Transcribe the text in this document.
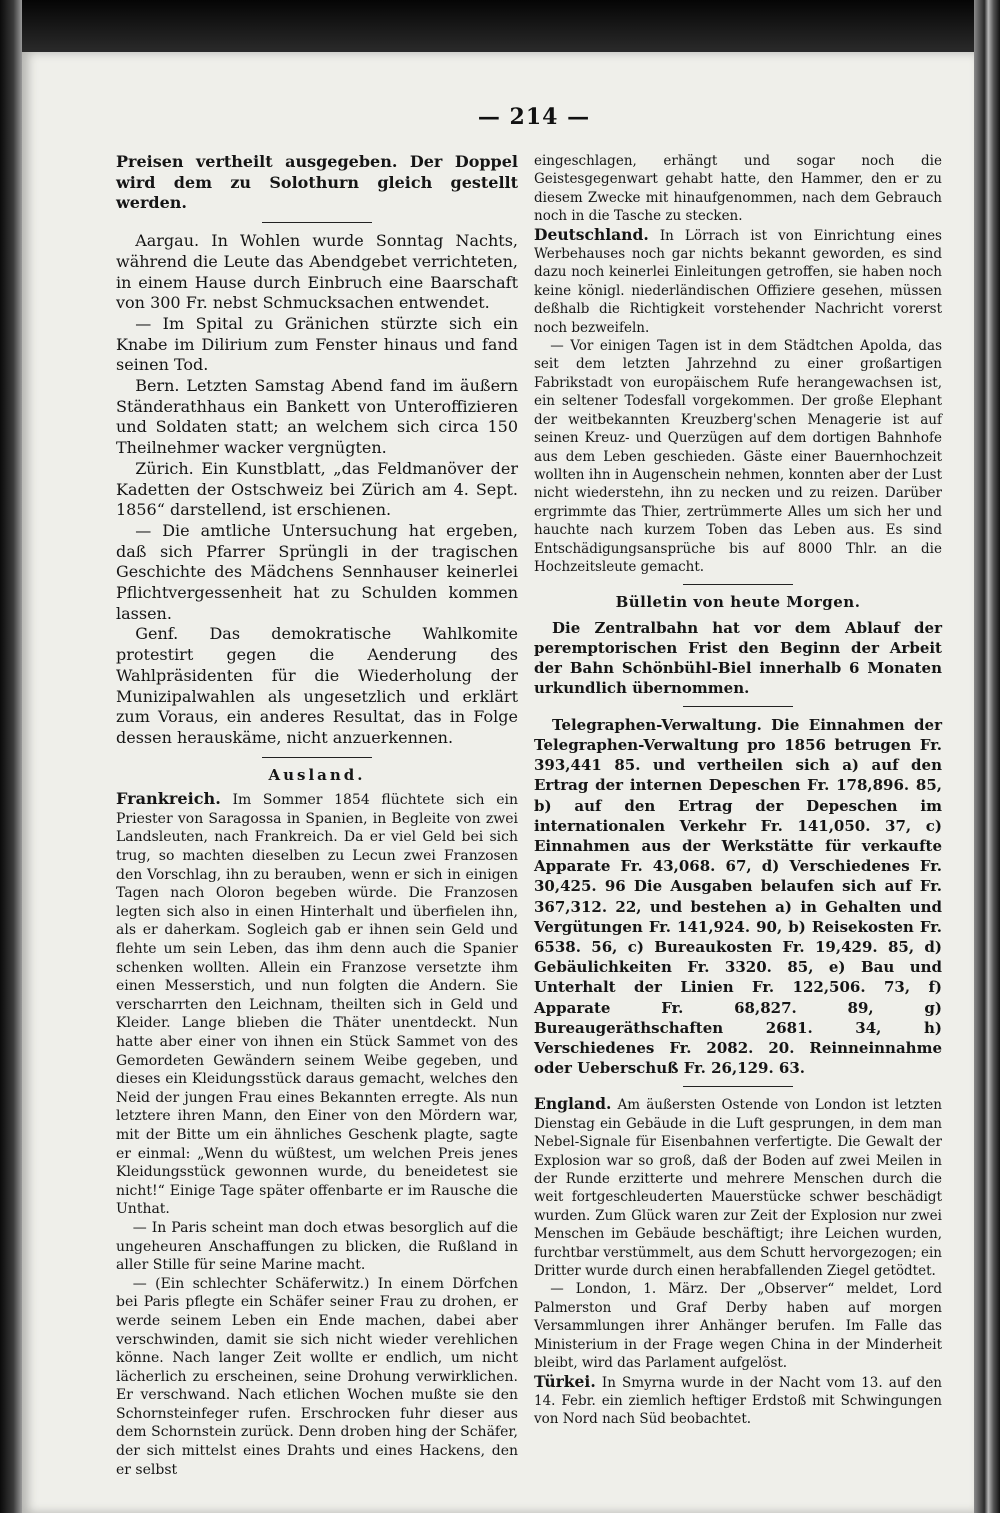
— 214 —

Preisen vertheilt ausgegeben. Der Doppel wird dem zu Solothurn gleich gestellt werden.

Aargau. In Wohlen wurde Sonntag Nachts, während die Leute das Abendgebet verrichteten, in einem Hause durch Einbruch eine Baarschaft von 300 Fr. nebst Schmucksachen entwendet.

— Im Spital zu Gränichen stürzte sich ein Knabe im Dilirium zum Fenster hinaus und fand seinen Tod.

Bern. Letzten Samstag Abend fand im äußern Ständerathhaus ein Bankett von Unteroffizieren und Soldaten statt; an welchem sich circa 150 Theilnehmer wacker vergnügten.

Zürich. Ein Kunstblatt, „das Feldmanöver der Kadetten der Ostschweiz bei Zürich am 4. Sept. 1856“ darstellend, ist erschienen.

— Die amtliche Untersuchung hat ergeben, daß sich Pfarrer Sprüngli in der tragischen Geschichte des Mädchens Sennhauser keinerlei Pflichtvergessenheit hat zu Schulden kommen lassen.

Genf. Das demokratische Wahlkomite protestirt gegen die Aenderung des Wahlpräsidenten für die Wiederholung der Munizipalwahlen als ungesetzlich und erklärt zum Voraus, ein anderes Resultat, das in Folge dessen herauskäme, nicht anzuerkennen.

Ausland.

Frankreich. Im Sommer 1854 flüchtete sich ein Priester von Saragossa in Spanien, in Begleite von zwei Landsleuten, nach Frankreich. Da er viel Geld bei sich trug, so machten dieselben zu Lecun zwei Franzosen den Vorschlag, ihn zu berauben, wenn er sich in einigen Tagen nach Oloron begeben würde. Die Franzosen legten sich also in einen Hinterhalt und überfielen ihn, als er daherkam. Sogleich gab er ihnen sein Geld und flehte um sein Leben, das ihm denn auch die Spanier schenken wollten. Allein ein Franzose versetzte ihm einen Messerstich, und nun folgten die Andern. Sie verscharrten den Leichnam, theilten sich in Geld und Kleider. Lange blieben die Thäter unentdeckt. Nun hatte aber einer von ihnen ein Stück Sammet von des Gemordeten Gewändern seinem Weibe gegeben, und dieses ein Kleidungsstück daraus gemacht, welches den Neid der jungen Frau eines Bekannten erregte. Als nun letztere ihren Mann, den Einer von den Mördern war, mit der Bitte um ein ähnliches Geschenk plagte, sagte er einmal: „Wenn du wüßtest, um welchen Preis jenes Kleidungsstück gewonnen wurde, du beneidetest sie nicht!“ Einige Tage später offenbarte er im Rausche die Unthat.

— In Paris scheint man doch etwas besorglich auf die ungeheuren Anschaffungen zu blicken, die Rußland in aller Stille für seine Marine macht.

— (Ein schlechter Schäferwitz.) In einem Dörfchen bei Paris pflegte ein Schäfer seiner Frau zu drohen, er werde seinem Leben ein Ende machen, dabei aber verschwinden, damit sie sich nicht wieder verehlichen könne. Nach langer Zeit wollte er endlich, um nicht lächerlich zu erscheinen, seine Drohung verwirklichen. Er verschwand. Nach etlichen Wochen mußte sie den Schornsteinfeger rufen. Erschrocken fuhr dieser aus dem Schornstein zurück. Denn droben hing der Schäfer, der sich mittelst eines Drahts und eines Hackens, den er selbst

eingeschlagen, erhängt und sogar noch die Geistesgegenwart gehabt hatte, den Hammer, den er zu diesem Zwecke mit hinaufgenommen, nach dem Gebrauch noch in die Tasche zu stecken.

Deutschland. In Lörrach ist von Einrichtung eines Werbehauses noch gar nichts bekannt geworden, es sind dazu noch keinerlei Einleitungen getroffen, sie haben noch keine königl. niederländischen Offiziere gesehen, müssen deßhalb die Richtigkeit vorstehender Nachricht vorerst noch bezweifeln.

— Vor einigen Tagen ist in dem Städtchen Apolda, das seit dem letzten Jahrzehnd zu einer großartigen Fabrikstadt von europäischem Rufe herangewachsen ist, ein seltener Todesfall vorgekommen. Der große Elephant der weitbekannten Kreuzberg'schen Menagerie ist auf seinen Kreuz- und Querzügen auf dem dortigen Bahnhofe aus dem Leben geschieden. Gäste einer Bauernhochzeit wollten ihn in Augenschein nehmen, konnten aber der Lust nicht wiederstehn, ihn zu necken und zu reizen. Darüber ergrimmte das Thier, zertrümmerte Alles um sich her und hauchte nach kurzem Toben das Leben aus. Es sind Entschädigungsansprüche bis auf 8000 Thlr. an die Hochzeitsleute gemacht.

Bülletin von heute Morgen.

Die Zentralbahn hat vor dem Ablauf der peremptorischen Frist den Beginn der Arbeit der Bahn Schönbühl-Biel innerhalb 6 Monaten urkundlich übernommen.

Telegraphen-Verwaltung. Die Einnahmen der Telegraphen-Verwaltung pro 1856 betrugen Fr. 393,441 85. und vertheilen sich a) auf den Ertrag der internen Depeschen Fr. 178,896. 85, b) auf den Ertrag der Depeschen im internationalen Verkehr Fr. 141,050. 37, c) Einnahmen aus der Werkstätte für verkaufte Apparate Fr. 43,068. 67, d) Verschiedenes Fr. 30,425. 96 Die Ausgaben belaufen sich auf Fr. 367,312. 22, und bestehen a) in Gehalten und Vergütungen Fr. 141,924. 90, b) Reisekosten Fr. 6538. 56, c) Bureaukosten Fr. 19,429. 85, d) Gebäulichkeiten Fr. 3320. 85, e) Bau und Unterhalt der Linien Fr. 122,506. 73, f) Apparate Fr. 68,827. 89, g) Bureaugeräthschaften 2681. 34, h) Verschiedenes Fr. 2082. 20. Reinneinnahme oder Ueberschuß Fr. 26,129. 63.

England. Am äußersten Ostende von London ist letzten Dienstag ein Gebäude in die Luft gesprungen, in dem man Nebel-Signale für Eisenbahnen verfertigte. Die Gewalt der Explosion war so groß, daß der Boden auf zwei Meilen in der Runde erzitterte und mehrere Menschen durch die weit fortgeschleuderten Mauerstücke schwer beschädigt wurden. Zum Glück waren zur Zeit der Explosion nur zwei Menschen im Gebäude beschäftigt; ihre Leichen wurden, furchtbar verstümmelt, aus dem Schutt hervorgezogen; ein Dritter wurde durch einen herabfallenden Ziegel getödtet.

— London, 1. März. Der „Observer“ meldet, Lord Palmerston und Graf Derby haben auf morgen Versammlungen ihrer Anhänger berufen. Im Falle das Ministerium in der Frage wegen China in der Minderheit bleibt, wird das Parlament aufgelöst.

Türkei. In Smyrna wurde in der Nacht vom 13. auf den 14. Febr. ein ziemlich heftiger Erdstoß mit Schwingungen von Nord nach Süd beobachtet.
